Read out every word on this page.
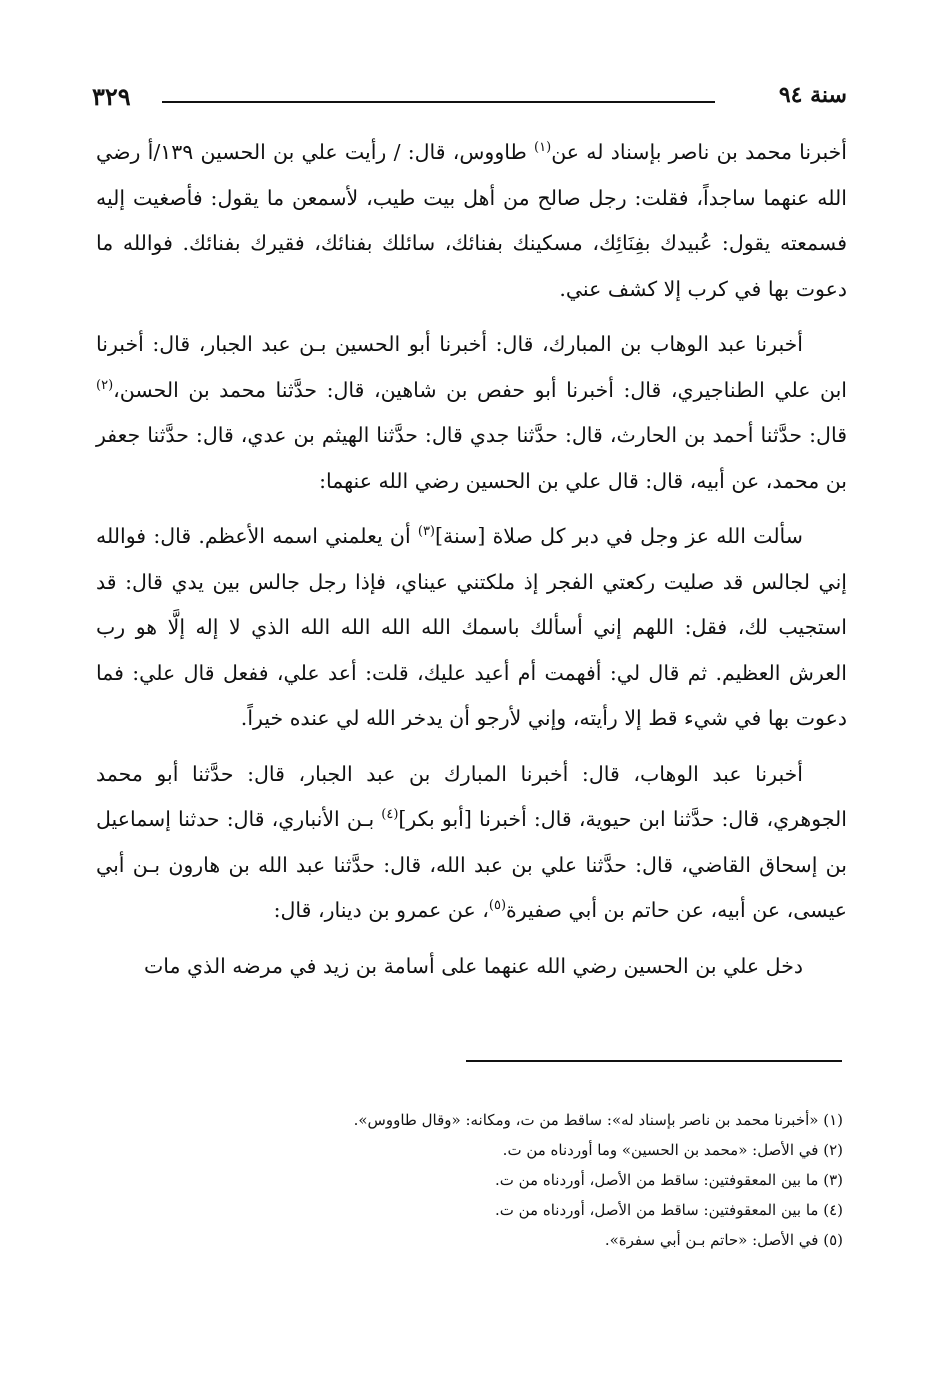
٣٢٩	سنة ٩٤

أخبرنا محمد بن ناصر بإسناد له عن$^{(١)}$ طاووس، قال: / رأيت علي بن الحسين ١٣٩/أ رضي الله عنهما ساجداً، فقلت: رجل صالح من أهل بيت طيب، لأسمعن ما يقول: فأصغيت إليه فسمعته يقول: عُبيدك بفِنَائِك، مسكينك بفنائك، سائلك بفنائك، فقيرك بفنائك. فوالله ما دعوت بها في كرب إلا كشف عني.

أخبرنا عبد الوهاب بن المبارك، قال: أخبرنا أبو الحسين بـن عبد الجبار، قال: أخبرنا ابن علي الطناجيري، قال: أخبرنا أبو حفص بن شاهين، قال: حدَّثنا محمد بن الحسن،$^{(٢)}$ قال: حدَّثنا أحمد بن الحارث، قال: حدَّثنا جدي قال: حدَّثنا الهيثم بن عدي، قال: حدَّثنا جعفر بن محمد، عن أبيه، قال: قال علي بن الحسين رضي الله عنهما:

سألت الله عز وجل في دبر كل صلاة [سنة]$^{(٣)}$ أن يعلمني اسمه الأعظم. قال: فوالله إني لجالس قد صليت ركعتي الفجر إذ ملكتني عيناي، فإذا رجل جالس بين يدي قال: قد استجيب لك، فقل: اللهم إني أسألك باسمك الله الله الله الله الذي لا إله إلَّا هو رب العرش العظيم. ثم قال لي: أفهمت أم أعيد عليك، قلت: أعد علي، ففعل قال علي: فما دعوت بها في شيء قط إلا رأيته، وإني لأرجو أن يدخر الله لي عنده خيراً.

أخبرنا عبد الوهاب، قال: أخبرنا المبارك بن عبد الجبار، قال: حدَّثنا أبو محمد الجوهري، قال: حدَّثنا ابن حيوية، قال: أخبرنا [أبو بكر]$^{(٤)}$ بـن الأنباري، قال: حدثنا إسماعيل بن إسحاق القاضي، قال: حدَّثنا علي بن عبد الله، قال: حدَّثنا عبد الله بن هارون بـن أبي عيسى، عن أبيه، عن حاتم بن أبي صفيرة$^{(٥)}$، عن عمرو بن دينار، قال:

دخل علي بن الحسين رضي الله عنهما على أسامة بن زيد في مرضه الذي مات

(١) «أخبرنا محمد بن ناصر بإسناد له»: ساقط من ت، ومكانه: «وقال طاووس».

(٢) في الأصل: «محمد بن الحسين» وما أوردناه من ت.

(٣) ما بين المعقوفتين: ساقط من الأصل، أوردناه من ت.

(٤) ما بين المعقوفتين: ساقط من الأصل، أوردناه من ت.

(٥) في الأصل: «حاتم بـن أبي سفرة».
